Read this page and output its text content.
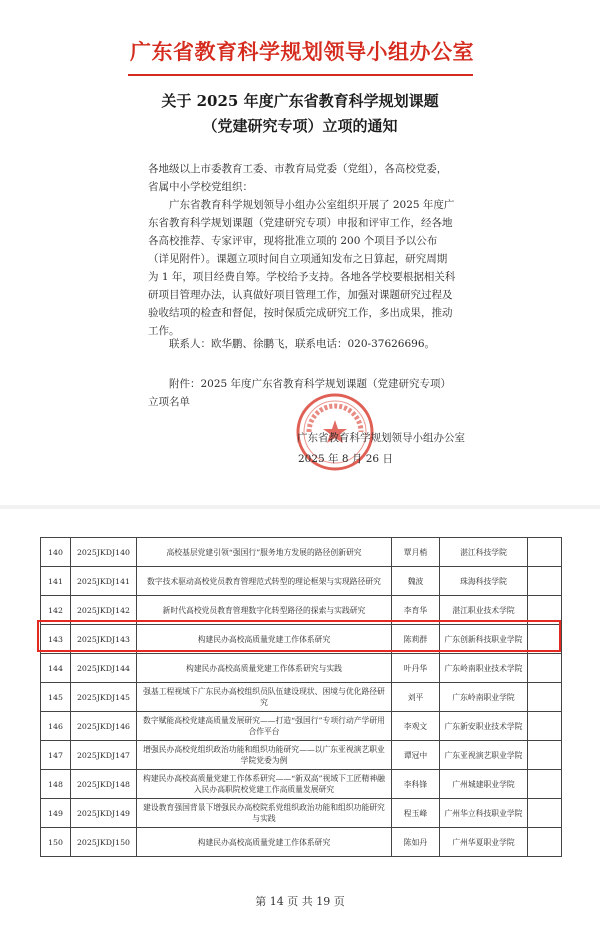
广东省教育科学规划领导小组办公室
关于 2025 年度广东省教育科学规划课题
（党建研究专项）立项的通知
各地级以上市委教育工委、市教育局党委（党组），各高校党委，省属中小学校党组织：
广东省教育科学规划领导小组办公室组织开展了 2025 年度广东省教育科学规划课题（党建研究专项）申报和评审工作，经各地各高校推荐、专家评审，现将批准立项的 200 个项目予以公布（详见附件）。课题立项时间自立项通知发布之日算起，研究周期为 1 年，项目经费自筹。学校给予支持。各地各学校要根据相关科研项目管理办法，认真做好项目管理工作，加强对课题研究过程及验收结项的检查和督促，按时保质完成研究工作，多出成果，推动工作。
联系人：欧华鹏、徐鹏飞，联系电话：020-37626696。
附件：2025 年度广东省教育科学规划课题（党建研究专项）立项名单
广东省教育科学规划领导小组办公室
2025 年 8 月 26 日
140	2025JKDJ140	高校基层党建引领“强国行”服务地方发展的路径创新研究	覃月梢	湛江科技学院	
141	2025JKDJ141	数字技术驱动高校党员教育管理范式转型的理论框架与实现路径研究	魏波	珠海科技学院	
142	2025JKDJ142	新时代高校党员教育管理数字化转型路径的探索与实践研究	李育华	湛江职业技术学院	
143	2025JKDJ143	构建民办高校高质量党建工作体系研究	陈莉群	广东创新科技职业学院	
144	2025JKDJ144	构建民办高校高质量党建工作体系研究与实践	叶丹华	广东岭南职业技术学院	
145	2025JKDJ145	强基工程视域下广东民办高校组织员队伍建设现状、困境与优化路径研究	刘平	广东岭南职业学院	
146	2025JKDJ146	数字赋能高校党建高质量发展研究——打造“强国行”专项行动产学研用合作平台	李观文	广东新安职业技术学院	
147	2025JKDJ147	增强民办高校党组织政治功能和组织功能研究——以广东亚视演艺职业学院党委为例	谭冠中	广东亚视演艺职业学院	
148	2025JKDJ148	构建民办高校高质量党建工作体系研究——“新双高”视域下工匠精神融入民办高职院校党建工作高质量发展研究	李科锋	广州城建职业学院	
149	2025JKDJ149	建设教育强国背景下增强民办高校院系党组织政治功能和组织功能研究与实践	程玉峰	广州华立科技职业学院	
150	2025JKDJ150	构建民办高校高质量党建工作体系研究	陈如丹	广州华夏职业学院	
第 14 页 共 19 页
